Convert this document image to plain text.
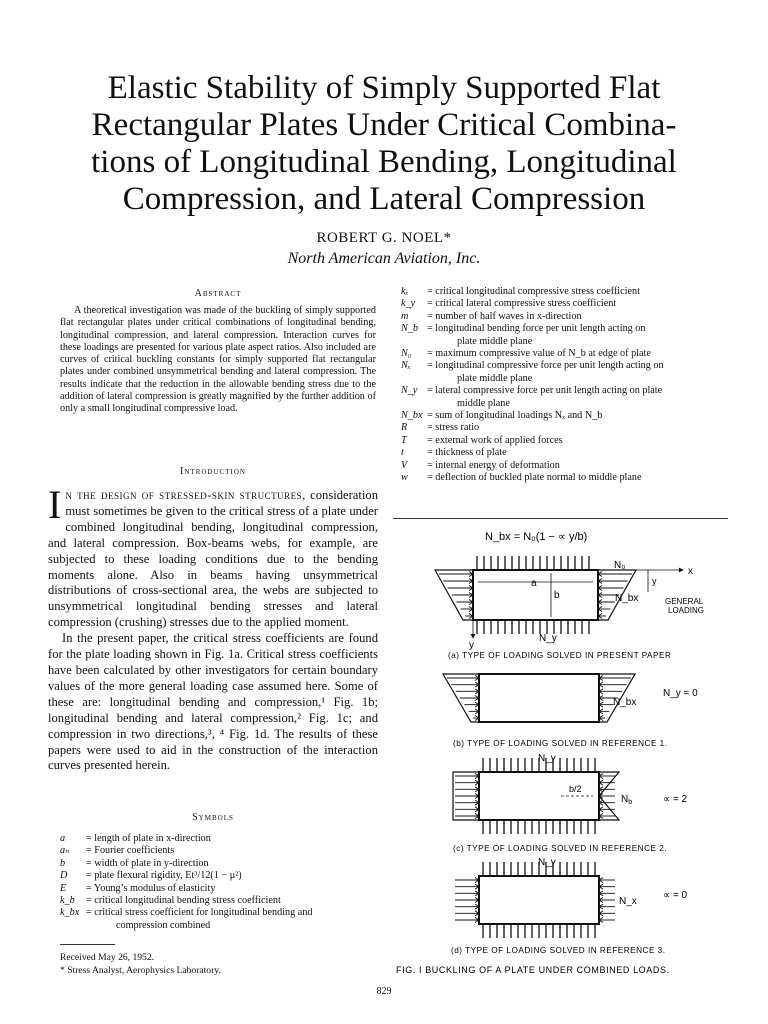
Elastic Stability of Simply Supported Flat
Rectangular Plates Under Critical Combina-
tions of Longitudinal Bending, Longitudinal
Compression, and Lateral Compression
ROBERT G. NOEL*
North American Aviation, Inc.
Abstract
A theoretical investigation was made of the buckling of simply supported flat rectangular plates under critical combinations of longitudinal bending, longitudinal compression, and lateral compression. Interaction curves for these loadings are presented for various plate aspect ratios. Also included are curves of critical buckling constants for simply supported flat rectangular plates under combined unsymmetrical bending and lateral compression. The results indicate that the reduction in the allowable bending stress due to the addition of lateral compression is greatly magnified by the further addition of only a small longitudinal compressive load.
Introduction
I n the design of stressed-skin structures, consideration must sometimes be given to the critical stress of a plate under combined longitudinal bending, longitudinal compression, and lateral compression. Box-beams webs, for example, are subjected to these loading conditions due to the bending moments alone. Also in beams having unsymmetrical distributions of cross-sectional area, the webs are subjected to unsymmetrical longitudinal bending stresses and lateral compression (crushing) stresses due to the applied moment.
In the present paper, the critical stress coefficients are found for the plate loading shown in Fig. 1a. Critical stress coefficients have been calculated by other investigators for certain boundary values of the more general loading case assumed here. Some of these are: longitudinal bending and compression,¹ Fig. 1b; longitudinal bending and lateral compression,² Fig. 1c; and compression in two directions,³, ⁴ Fig. 1d. The results of these papers were used to aid in the construction of the interaction curves presented herein.
Symbols
a	= length of plate in x-direction
aₙ	= Fourier coefficients
b	= width of plate in y-direction
D	= plate flexural rigidity, Et³/12(1 − μ²)
E	= Young’s modulus of elasticity
k_b	= critical longitudinal bending stress coefficient
k_bx = critical stress coefficient for longitudinal bending and
compression combined
kₓ	= critical longitudinal compressive stress coefficient
k_y	= critical lateral compressive stress coefficient
m	= number of half waves in x-direction
N_b = longitudinal bending force per unit length acting on
plate middle plane
N₀	= maximum compressive value of N_b at edge of plate
Nₓ	= longitudinal compressive force per unit length acting on
plate middle plane
N_y = lateral compressive force per unit length acting on plate
middle plane
N_bx = sum of longitudinal loadings Nₓ and N_b
R	= stress ratio
T	= external work of applied forces
t	= thickness of plate
V	= internal energy of deformation
w	= deflection of buckled plate normal to middle plane
Received May 26, 1952.
* Stress Analyst, Aerophysics Laboratory.
829
N_bx = N₀(1 − ∝ y/b)
a
b
x
y
y
N₀
N_bx
N_y
GENERAL
LOADING
(a) TYPE OF LOADING SOLVED IN PRESENT PAPER
N_bx
N_y = 0
(b) TYPE OF LOADING SOLVED IN REFERENCE 1.
N_y
b/2
$N_b$	∝ = 2
(c) TYPE OF LOADING SOLVED IN REFERENCE 2.
N_y
N_x
∝ = 0
(d) TYPE OF LOADING SOLVED IN REFERENCE 3.
FIG. I BUCKLING OF A PLATE UNDER COMBINED LOADS.
